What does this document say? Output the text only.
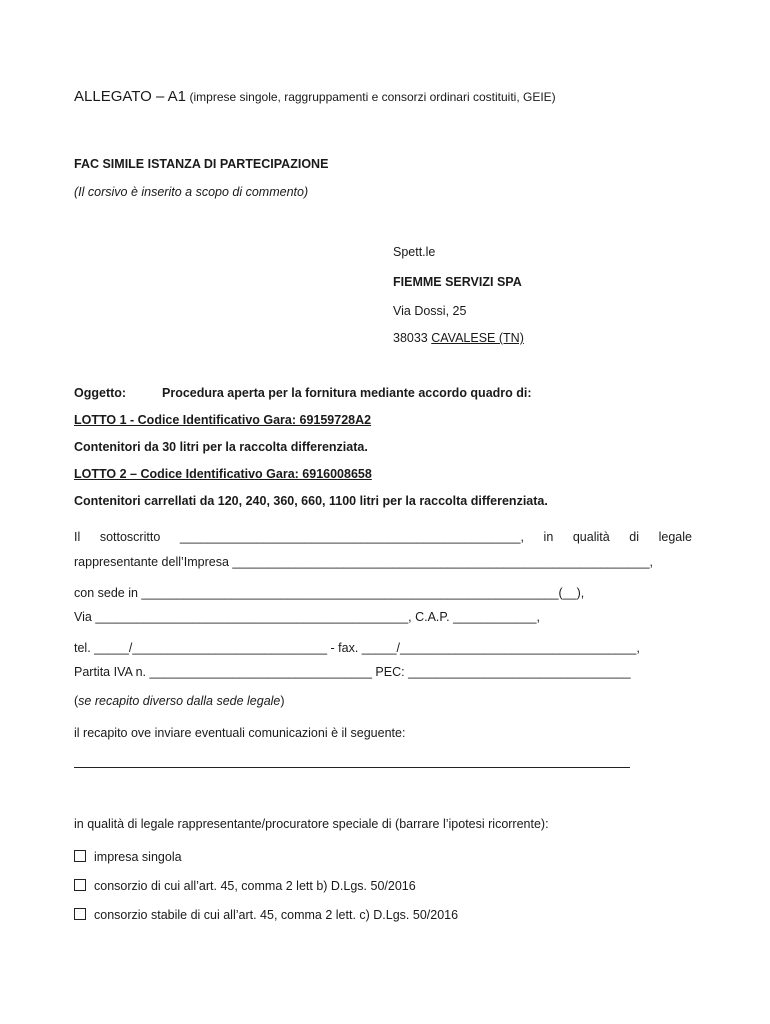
ALLEGATO – A1 (imprese singole, raggruppamenti e consorzi ordinari costituiti, GEIE)
FAC SIMILE ISTANZA DI PARTECIPAZIONE
(Il corsivo è inserito a scopo di commento)
Spett.le
FIEMME SERVIZI SPA
Via Dossi, 25
38033 CAVALESE (TN)
Oggetto:	Procedura aperta per la fornitura mediante accordo quadro di:
LOTTO 1 - Codice Identificativo Gara: 69159728A2
Contenitori da 30 litri per la raccolta differenziata.
LOTTO 2 – Codice Identificativo Gara: 6916008658
Contenitori carrellati da 120, 240, 360, 660, 1100 litri per la raccolta differenziata.
Il sottoscritto _________________________________________________, in qualità di legale
rappresentante dell’Impresa ____________________________________________________________,
con sede in ____________________________________________________________(__),
Via _____________________________________________, C.A.P. ____________,
tel. _____/____________________________ - fax. _____/__________________________________,
Partita IVA n. ________________________________ PEC: ________________________________
(se recapito diverso dalla sede legale)
il recapito ove inviare eventuali comunicazioni è il seguente:
in qualità di legale rappresentante/procuratore speciale di (barrare l’ipotesi ricorrente):
impresa singola
consorzio di cui all’art. 45, comma 2 lett b) D.Lgs. 50/2016
consorzio stabile di cui all’art. 45, comma 2 lett. c) D.Lgs. 50/2016
